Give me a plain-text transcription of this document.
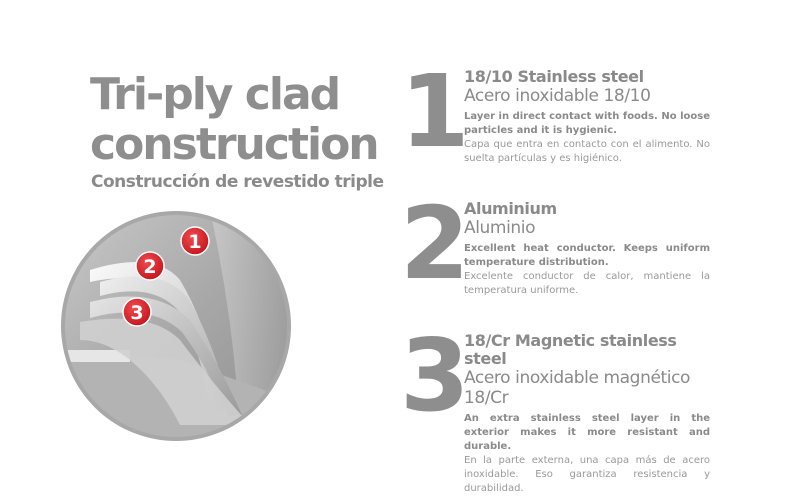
Tri-ply clad
construction

Construcción de revestido triple

1
2
3
1
18/10 Stainless steel
Acero inoxidable 18/10
Layer in direct contact with foods. No loose particles and it is hygienic.
Capa que entra en contacto con el alimento. No suelta partículas y es higiénico.
2
Aluminium
Aluminio
Excellent heat conductor. Keeps uniform temperature distribution.
Excelente conductor de calor, mantiene la temperatura uniforme.
3
18/Cr Magnetic stainless steel
Acero inoxidable magnético 18/Cr
An extra stainless steel layer in the exterior makes it more resistant and durable.
En la parte externa, una capa más de acero inoxidable. Eso garantiza resistencia y durabilidad.
